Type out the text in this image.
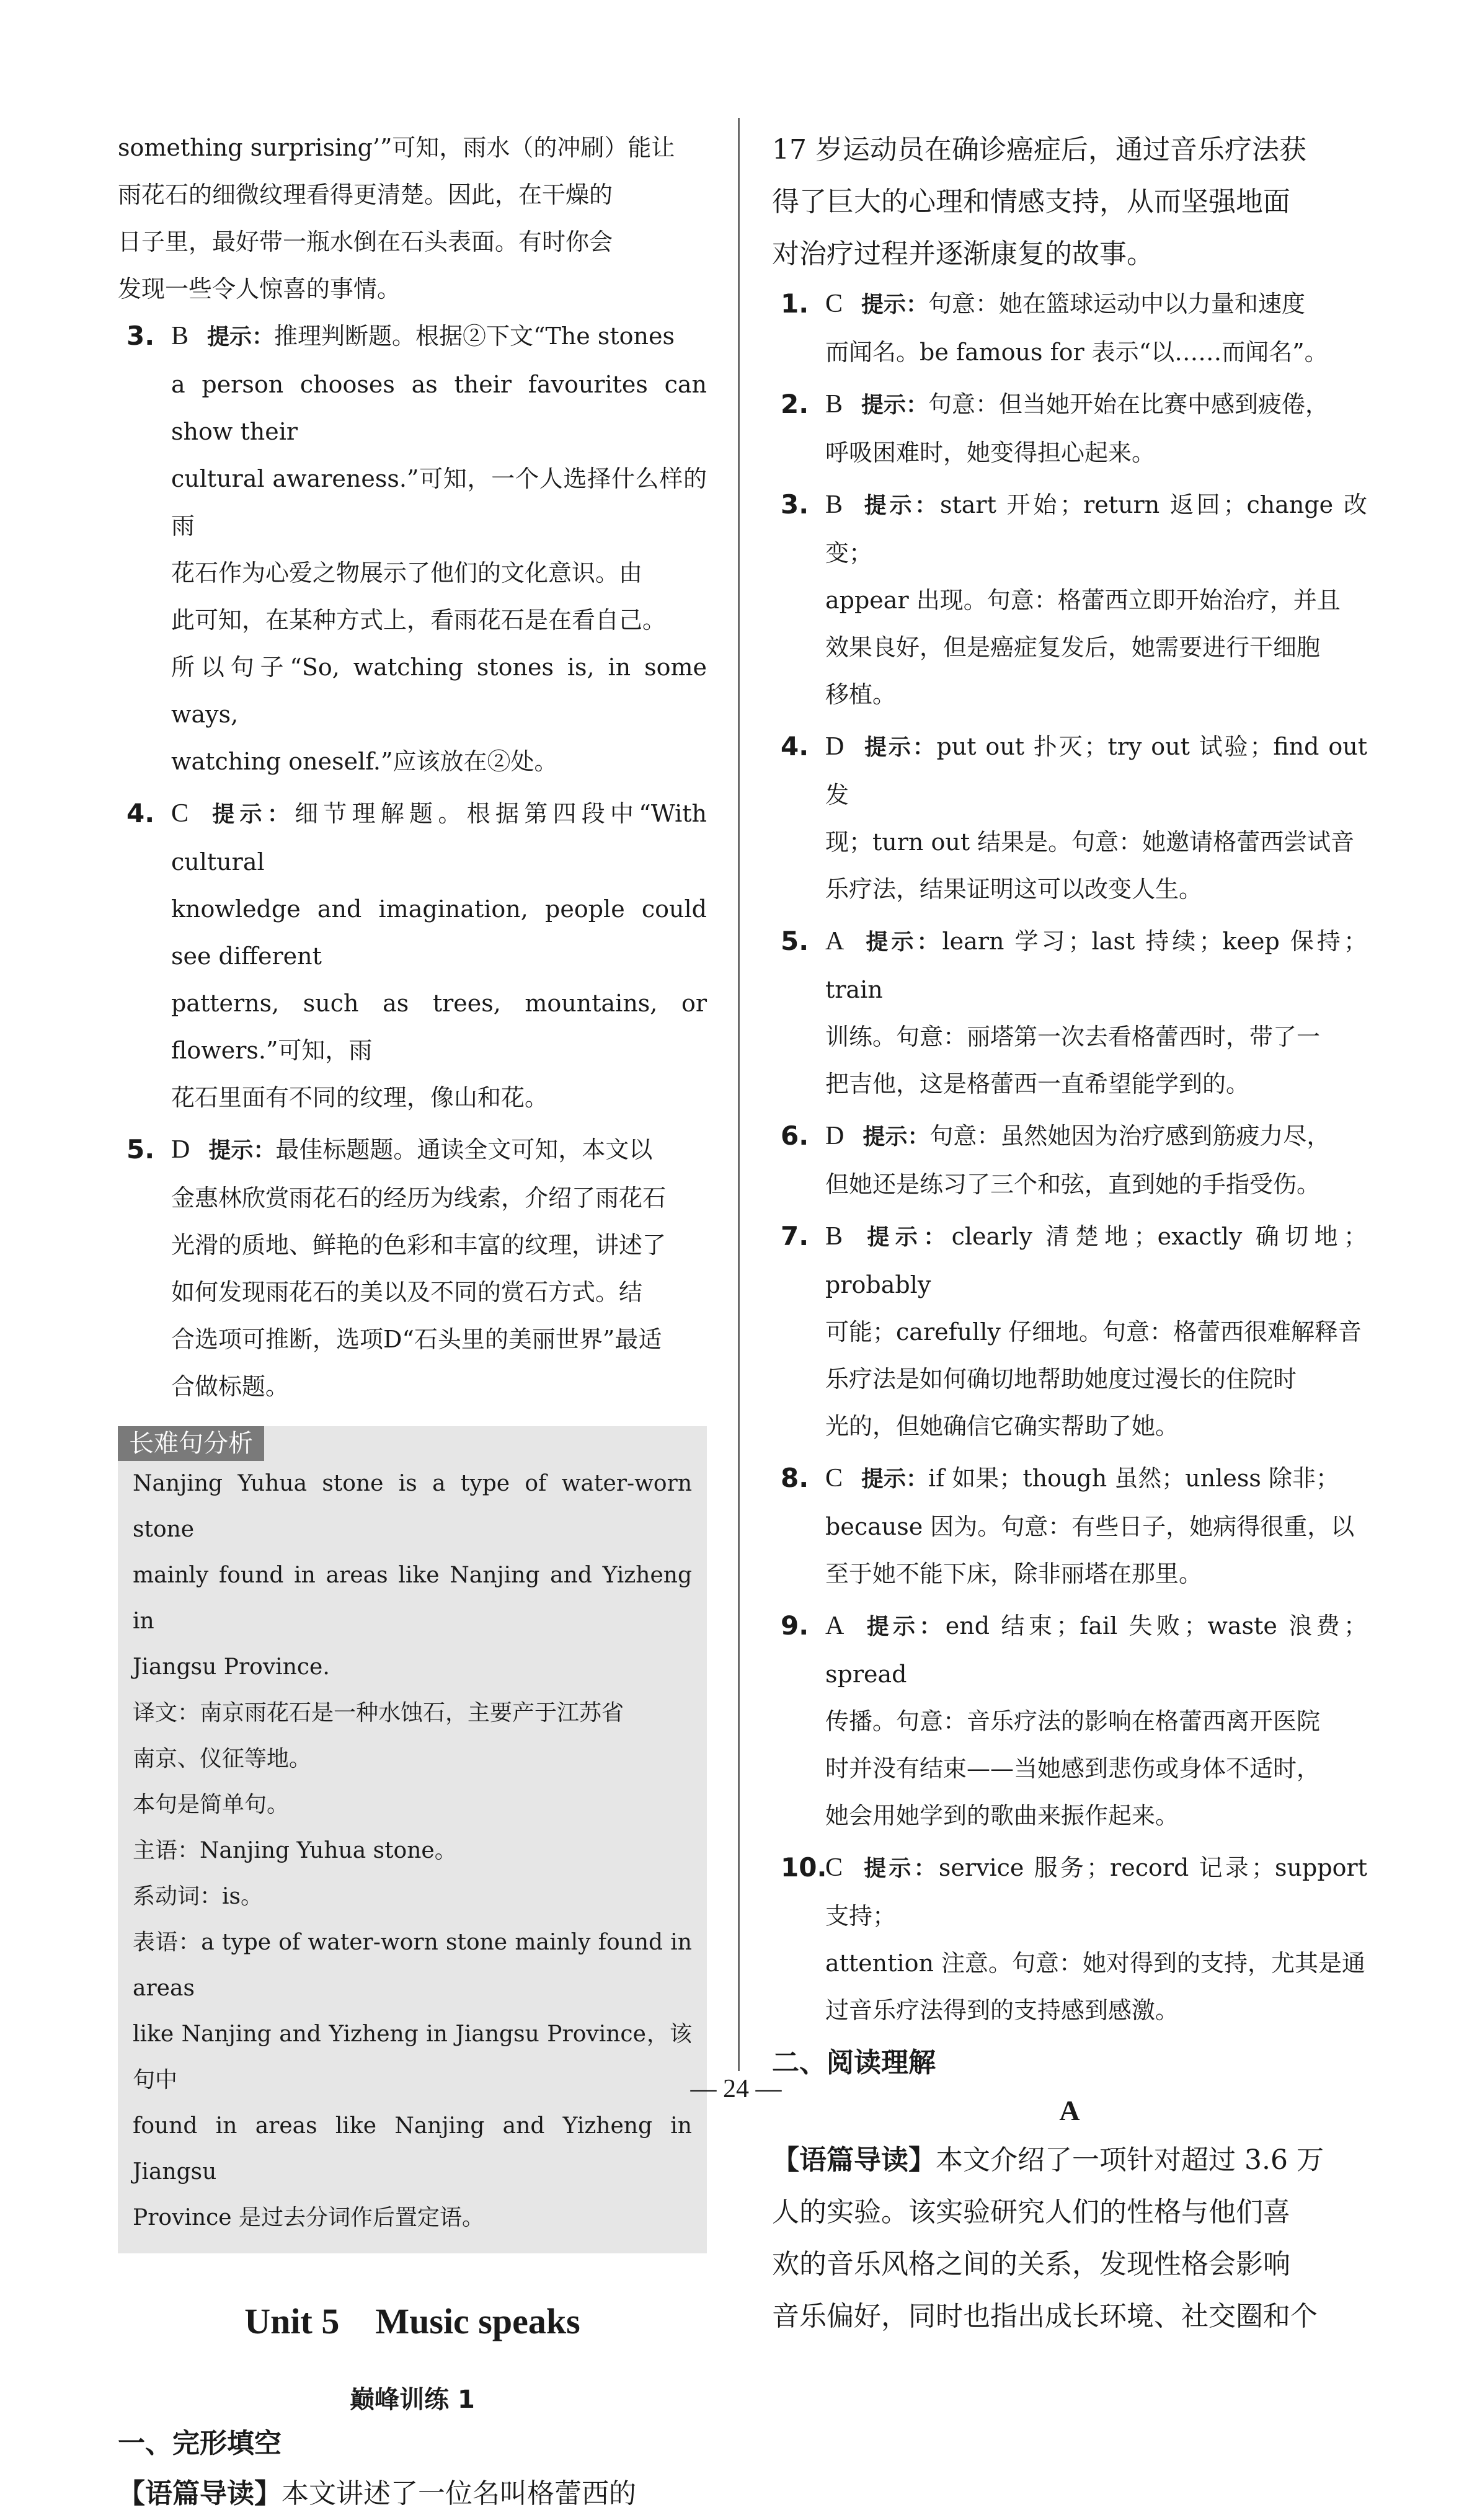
something surprising’”可知，雨水（的冲刷）能让

雨花石的细微纹理看得更清楚。因此，在干燥的

日子里，最好带一瓶水倒在石头表面。有时你会

发现一些令人惊喜的事情。

3. B 提示：推理判断题。根据②下文“The stones
a person chooses as their favourites can show their
cultural awareness.”可知，一个人选择什么样的雨
花石作为心爱之物展示了他们的文化意识。由
此可知，在某种方式上，看雨花石是在看自己。
所以句子“So, watching stones is, in some ways,
watching oneself.”应该放在②处。
4. C 提示：细节理解题。根据第四段中“With cultural
knowledge and imagination, people could see different
patterns, such as trees, mountains, or flowers.”可知，雨
花石里面有不同的纹理，像山和花。
5. D 提示：最佳标题题。通读全文可知，本文以
金惠林欣赏雨花石的经历为线索，介绍了雨花石
光滑的质地、鲜艳的色彩和丰富的纹理，讲述了
如何发现雨花石的美以及不同的赏石方式。结
合选项可推断，选项D“石头里的美丽世界”最适
合做标题。
长难句分析

Nanjing Yuhua stone is a type of water-worn stone

mainly found in areas like Nanjing and Yizheng in

Jiangsu Province.

译文：南京雨花石是一种水蚀石，主要产于江苏省

南京、仪征等地。

本句是简单句。

主语：Nanjing Yuhua stone。

系动词：is。

表语：a type of water-worn stone mainly found in areas

like Nanjing and Yizheng in Jiangsu Province，该句中

found in areas like Nanjing and Yizheng in Jiangsu

Province 是过去分词作后置定语。

Unit 5　Music speaks
巅峰训练 1

一、完形填空

【语篇导读】本文讲述了一位名叫格蕾西的

17 岁运动员在确诊癌症后，通过音乐疗法获

得了巨大的心理和情感支持，从而坚强地面

对治疗过程并逐渐康复的故事。

1. C 提示：句意：她在篮球运动中以力量和速度
而闻名。be famous for 表示“以……而闻名”。
2. B 提示：句意：但当她开始在比赛中感到疲倦，
呼吸困难时，她变得担心起来。
3. B 提示：start 开始；return 返回；change 改变；
appear 出现。句意：格蕾西立即开始治疗，并且
效果良好，但是癌症复发后，她需要进行干细胞
移植。
4. D 提示：put out 扑灭；try out 试验；find out 发
现；turn out 结果是。句意：她邀请格蕾西尝试音
乐疗法，结果证明这可以改变人生。
5. A 提示：learn 学习；last 持续；keep 保持；train
训练。句意：丽塔第一次去看格蕾西时，带了一
把吉他，这是格蕾西一直希望能学到的。
6. D 提示：句意：虽然她因为治疗感到筋疲力尽，
但她还是练习了三个和弦，直到她的手指受伤。
7. B 提示：clearly 清楚地；exactly 确切地；probably
可能；carefully 仔细地。句意：格蕾西很难解释音
乐疗法是如何确切地帮助她度过漫长的住院时
光的，但她确信它确实帮助了她。
8. C 提示：if 如果；though 虽然；unless 除非；
because 因为。句意：有些日子，她病得很重，以
至于她不能下床，除非丽塔在那里。
9. A 提示：end 结束；fail 失败；waste 浪费；spread
传播。句意：音乐疗法的影响在格蕾西离开医院
时并没有结束——当她感到悲伤或身体不适时，
她会用她学到的歌曲来振作起来。
10.
C 提示：service 服务；record 记录；support 支持；
attention 注意。句意：她对得到的支持，尤其是通
过音乐疗法得到的支持感到感激。

二、阅读理解

A

【语篇导读】本文介绍了一项针对超过 3.6 万

人的实验。该实验研究人们的性格与他们喜

欢的音乐风格之间的关系，发现性格会影响

音乐偏好，同时也指出成长环境、社交圈和个

— 24 —
